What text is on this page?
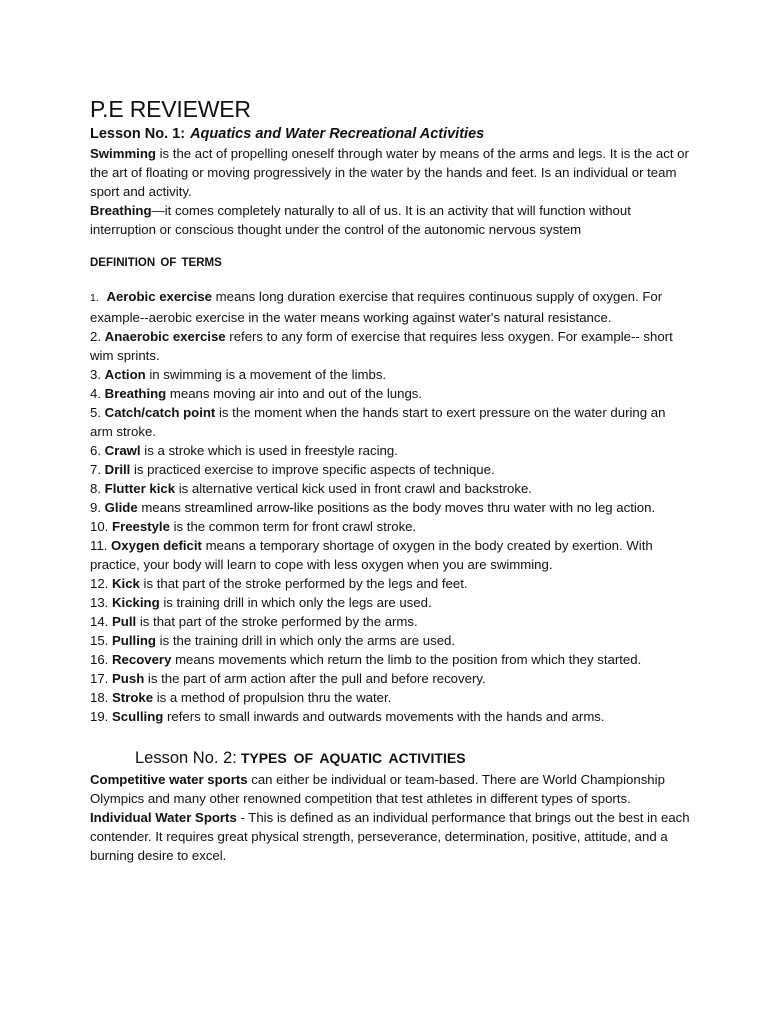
P.E REVIEWER
Lesson No. 1: Aquatics and Water Recreational Activities

Swimming is the act of propelling oneself through water by means of the arms and legs. It is the act or the art of floating or moving progressively in the water by the hands and feet. Is an individual or team sport and activity.

Breathing—it comes completely naturally to all of us. It is an activity that will function without interruption or conscious thought under the control of the autonomic nervous system

DEFINITION OF TERMS

1. Aerobic exercise means long duration exercise that requires continuous supply of oxygen. For example--aerobic exercise in the water means working against water's natural resistance.

2. Anaerobic exercise refers to any form of exercise that requires less oxygen. For example-- short wim sprints.

3. Action in swimming is a movement of the limbs.

4. Breathing means moving air into and out of the lungs.

5. Catch/catch point is the moment when the hands start to exert pressure on the water during an arm stroke.

6. Crawl is a stroke which is used in freestyle racing.

7. Drill is practiced exercise to improve specific aspects of technique.

8. Flutter kick is alternative vertical kick used in front crawl and backstroke.

9. Glide means streamlined arrow-like positions as the body moves thru water with no leg action.

10. Freestyle is the common term for front crawl stroke.

11. Oxygen deficit means a temporary shortage of oxygen in the body created by exertion. With practice, your body will learn to cope with less oxygen when you are swimming.

12. Kick is that part of the stroke performed by the legs and feet.

13. Kicking is training drill in which only the legs are used.

14. Pull is that part of the stroke performed by the arms.

15. Pulling is the training drill in which only the arms are used.

16. Recovery means movements which return the limb to the position from which they started.

17. Push is the part of arm action after the pull and before recovery.

18. Stroke is a method of propulsion thru the water.

19. Sculling refers to small inwards and outwards movements with the hands and arms.

Lesson No. 2: TYPES OF AQUATIC ACTIVITIES

Competitive water sports can either be individual or team-based. There are World Championship Olympics and many other renowned competition that test athletes in different types of sports.

Individual Water Sports - This is defined as an individual performance that brings out the best in each contender. It requires great physical strength, perseverance, determination, positive, attitude, and a burning desire to excel.
